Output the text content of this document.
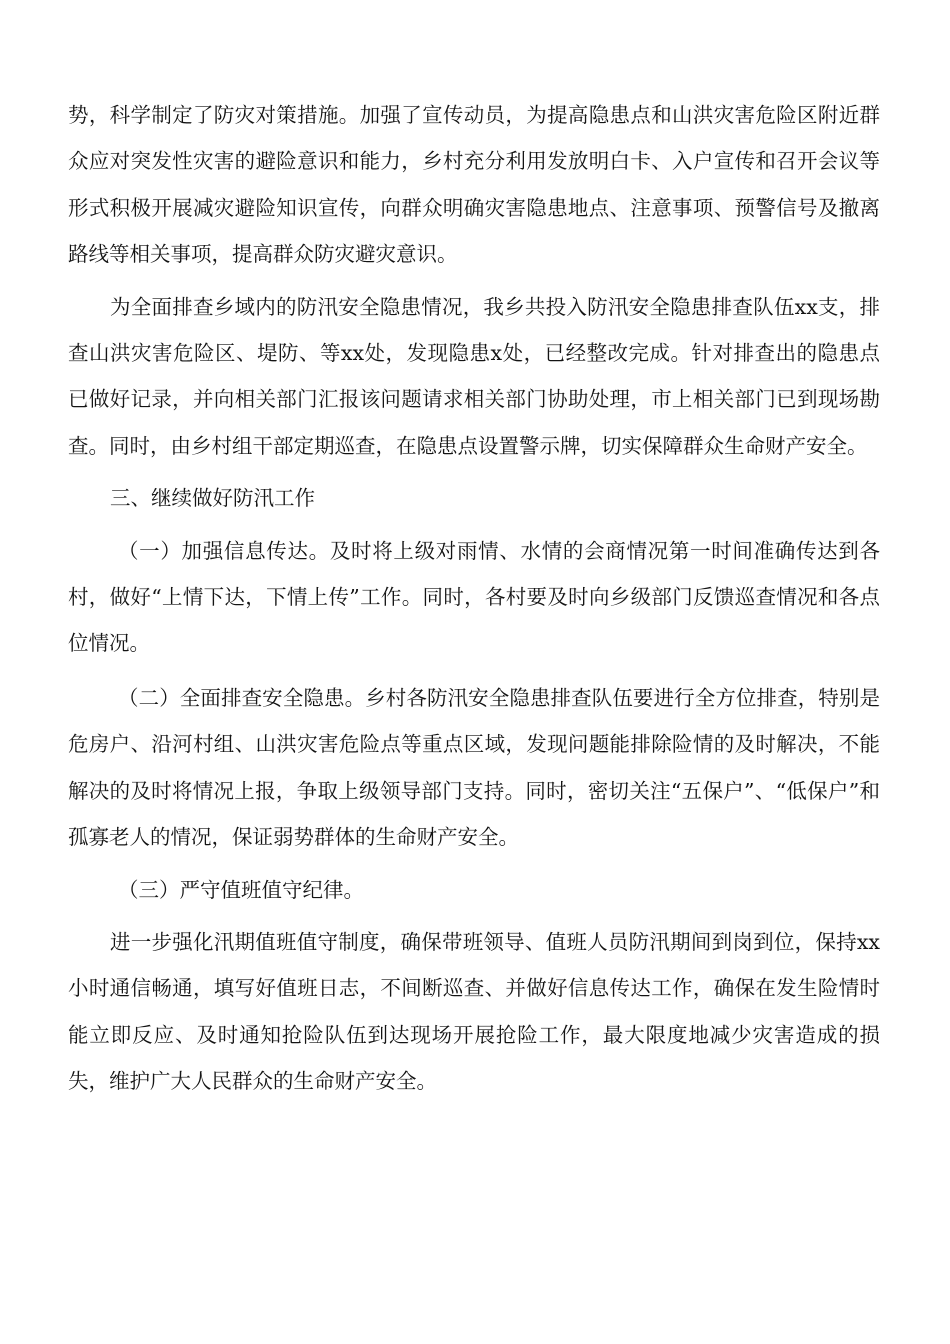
势，科学制定了防灾对策措施。加强了宣传动员，为提高隐患点和山洪灾害危险区附近群众应对突发性灾害的避险意识和能力，乡村充分利用发放明白卡、入户宣传和召开会议等形式积极开展减灾避险知识宣传，向群众明确灾害隐患地点、注意事项、预警信号及撤离路线等相关事项，提高群众防灾避灾意识。

为全面排查乡域内的防汛安全隐患情况，我乡共投入防汛安全隐患排查队伍xx支，排查山洪灾害危险区、堤防、等xx处，发现隐患x处，已经整改完成。针对排查出的隐患点已做好记录，并向相关部门汇报该问题请求相关部门协助处理，市上相关部门已到现场勘查。同时，由乡村组干部定期巡查，在隐患点设置警示牌，切实保障群众生命财产安全。

三、继续做好防汛工作

（一）加强信息传达。及时将上级对雨情、水情的会商情况第一时间准确传达到各村，做好“上情下达，下情上传”工作。同时，各村要及时向乡级部门反馈巡查情况和各点位情况。

（二）全面排查安全隐患。乡村各防汛安全隐患排查队伍要进行全方位排查，特别是危房户、沿河村组、山洪灾害危险点等重点区域，发现问题能排除险情的及时解决，不能解决的及时将情况上报，争取上级领导部门支持。同时，密切关注“五保户”、“低保户”和孤寡老人的情况，保证弱势群体的生命财产安全。

（三）严守值班值守纪律。

进一步强化汛期值班值守制度，确保带班领导、值班人员防汛期间到岗到位，保持xx小时通信畅通，填写好值班日志，不间断巡查、并做好信息传达工作，确保在发生险情时能立即反应、及时通知抢险队伍到达现场开展抢险工作，最大限度地减少灾害造成的损失，维护广大人民群众的生命财产安全。
